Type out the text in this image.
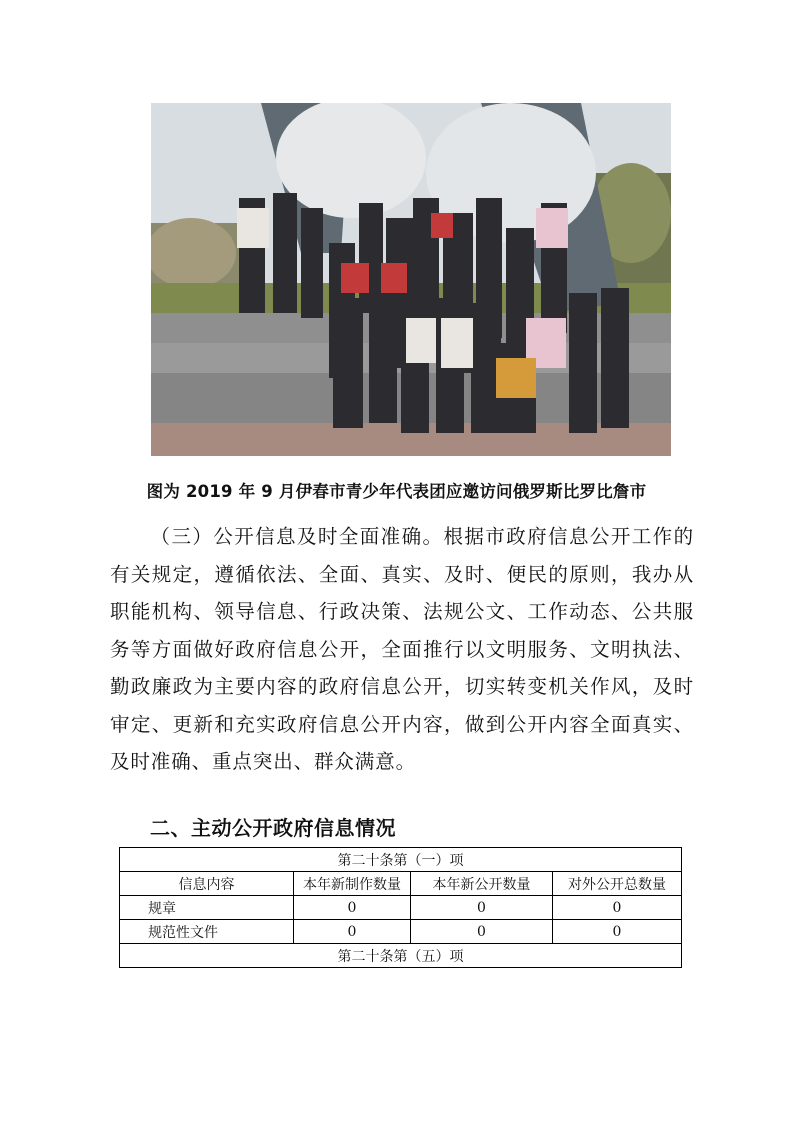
图为 2019 年 9 月伊春市青少年代表团应邀访问俄罗斯比罗比詹市

（三）公开信息及时全面准确。根据市政府信息公开工作的有关规定，遵循依法、全面、真实、及时、便民的原则，我办从职能机构、领导信息、行政决策、法规公文、工作动态、公共服务等方面做好政府信息公开，全面推行以文明服务、文明执法、勤政廉政为主要内容的政府信息公开，切实转变机关作风，及时审定、更新和充实政府信息公开内容，做到公开内容全面真实、及时准确、重点突出、群众满意。

二、主动公开政府信息情况
第二十条第（一）项			
信息内容	本年新制作数量	本年新公开数量	对外公开总数量
规章	0	0	0
规范性文件	0	0	0
第二十条第（五）项			
